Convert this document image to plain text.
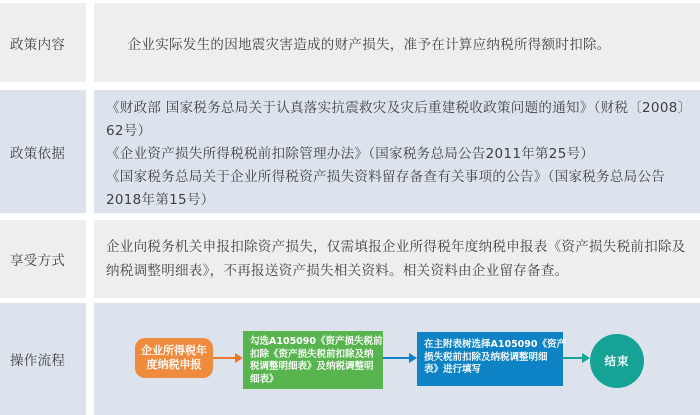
政策内容	企业实际发生的因地震灾害造成的财产损失，准予在计算应纳税所得额时扣除。

政策依据

《财政部 国家税务总局关于认真落实抗震救灾及灾后重建税收政策问题的通知》（财税〔2008〕62号）

《企业资产损失所得税税前扣除管理办法》（国家税务总局公告2011年第25号）

《国家税务总局关于企业所得税资产损失资料留存备查有关事项的公告》（国家税务总局公告2018年第15号）

享受方式

企业向税务机关申报扣除资产损失，仅需填报企业所得税年度纳税申报表《资产损失税前扣除及纳税调整明细表》，不再报送资产损失相关资料。相关资料由企业留存备查。

操作流程
企业所得税年
度纳税申报
勾选A105090《资产损失税前
扣除《资产损失税前扣除及纳
税调整明细表》及纳税调整明
细表》
在主附表树选择A105090《资产
损失税前扣除及纳税调整明细
表》进行填写
结束
